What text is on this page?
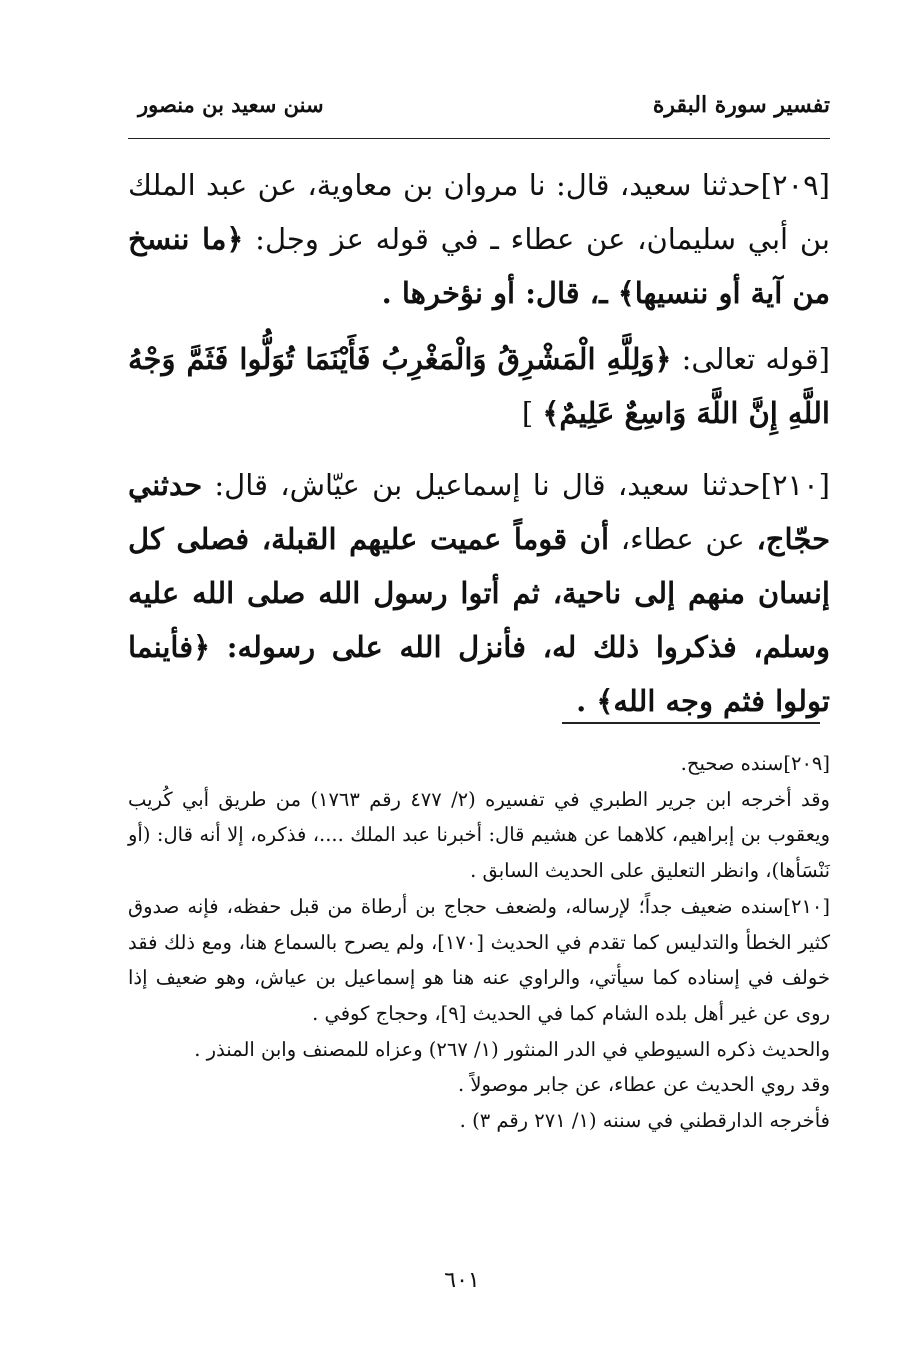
تفسير سورة البقرة
سنن سعيد بن منصور
[٢٠٩]حدثنا سعيد، قال: نا مروان بن معاوية، عن عبد الملك بن أبي سليمان، عن عطاء ـ في قوله عز وجل: ﴿ما ننسخ من آية أو ننسيها﴾ ـ، قال: أو نؤخرها .
[قوله تعالى: ﴿وَلِلَّهِ الْمَشْرِقُ وَالْمَغْرِبُ فَأَيْنَمَا تُوَلُّوا فَثَمَّ وَجْهُ اللَّهِ إِنَّ اللَّهَ وَاسِعٌ عَلِيمٌ﴾ ]
[٢١٠]حدثنا سعيد، قال نا إسماعيل بن عيّاش، قال: حدثني حجّاج، عن عطاء، أن قوماً عميت عليهم القبلة، فصلى كل إنسان منهم إلى ناحية، ثم أتوا رسول الله صلى الله عليه وسلم، فذكروا ذلك له، فأنزل الله على رسوله: ﴿فأينما تولوا فثم وجه الله﴾ .

[٢٠٩]سنده صحيح.

وقد أخرجه ابن جرير الطبري في تفسيره (٢/ ٤٧٧ رقم ١٧٦٣) من طريق أبي كُريب ويعقوب بن إبراهيم، كلاهما عن هشيم قال: أخبرنا عبد الملك ....، فذكره، إلا أنه قال: (أو نَنْسَأها)، وانظر التعليق على الحديث السابق .

[٢١٠]سنده ضعيف جداً؛ لإرساله، ولضعف حجاج بن أرطاة من قبل حفظه، فإنه صدوق كثير الخطأ والتدليس كما تقدم في الحديث [١٧٠]، ولم يصرح بالسماع هنا، ومع ذلك فقد خولف في إسناده كما سيأتي، والراوي عنه هنا هو إسماعيل بن عياش، وهو ضعيف إذا روى عن غير أهل بلده الشام كما في الحديث [٩]، وحجاج كوفي .

والحديث ذكره السيوطي في الدر المنثور (١/ ٢٦٧) وعزاه للمصنف وابن المنذر .

وقد روي الحديث عن عطاء، عن جابر موصولاً .

فأخرجه الدارقطني في سننه (١/ ٢٧١ رقم ٣) .

٦٠١
